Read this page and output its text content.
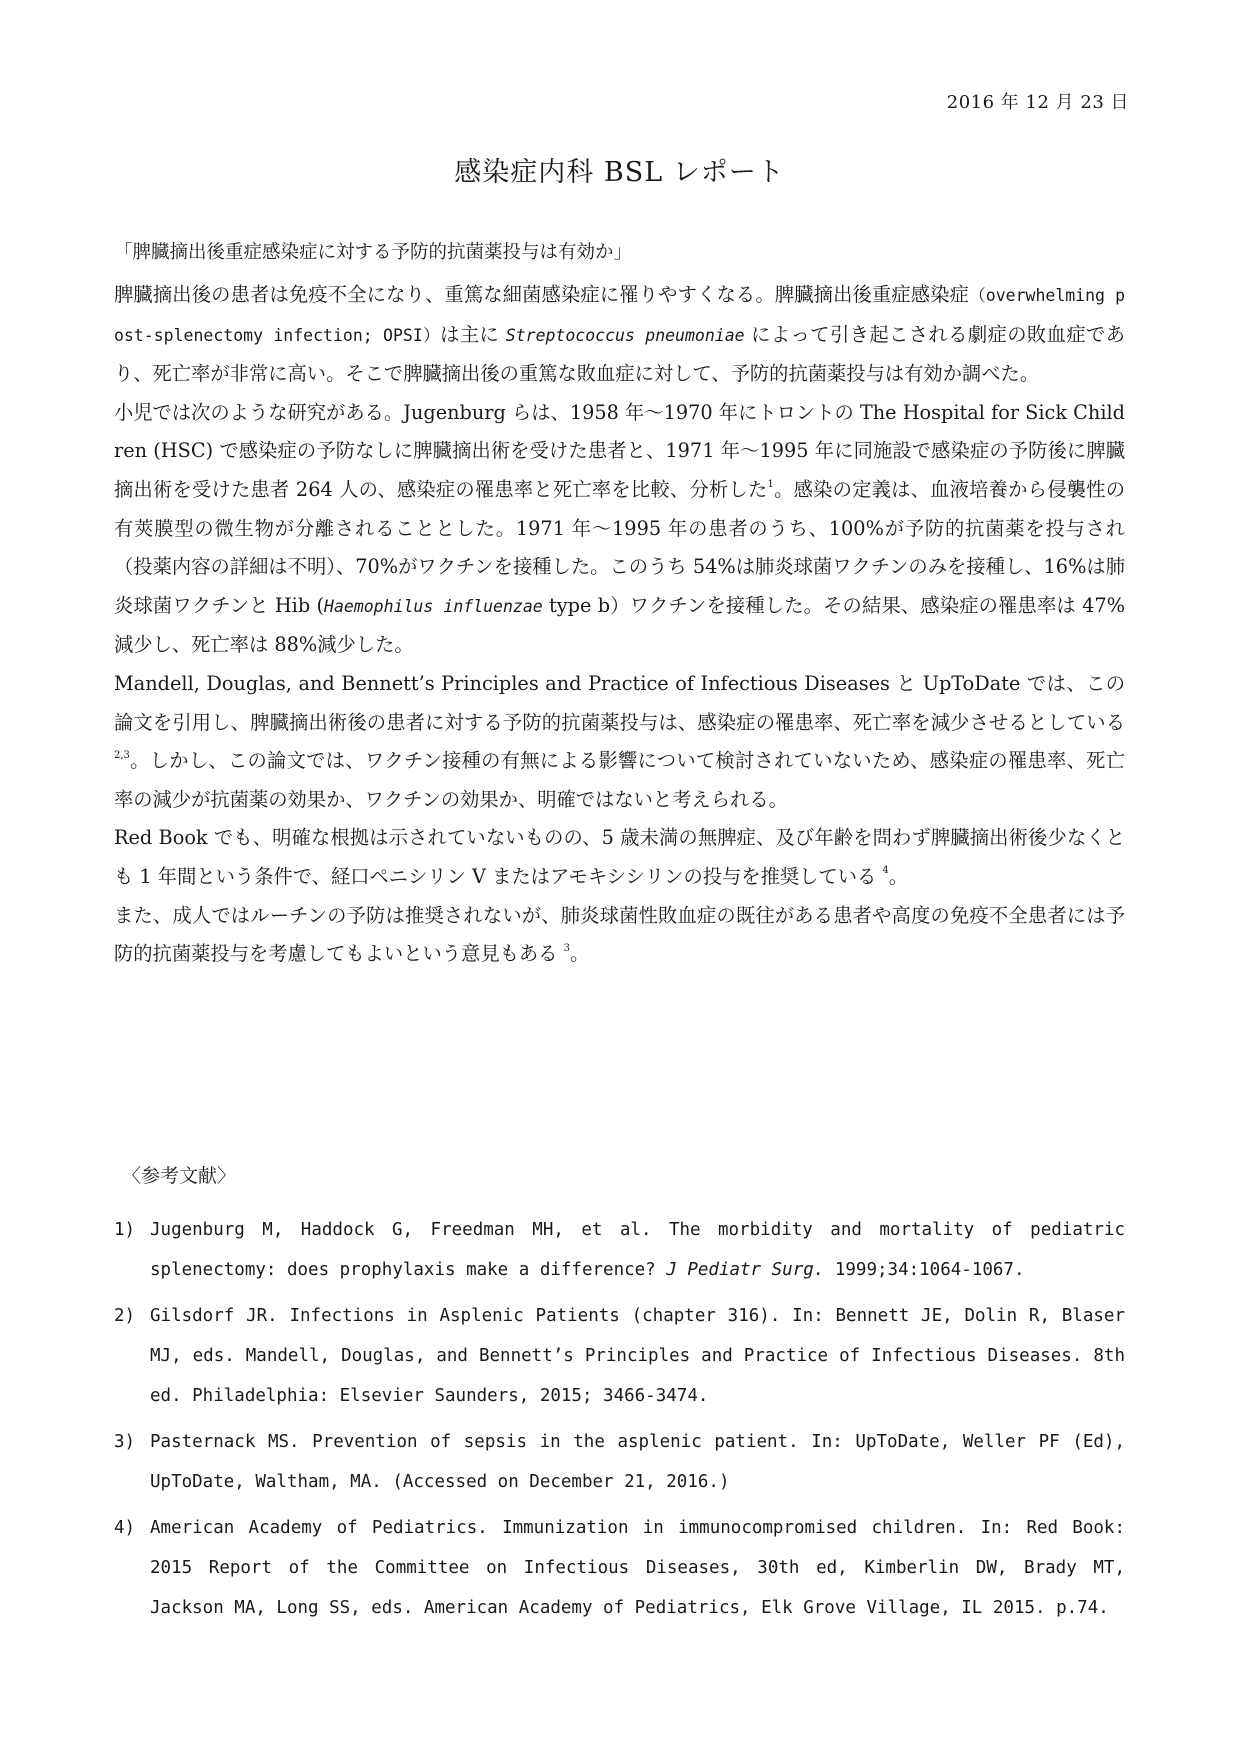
2016 年 12 月 23 日
感染症内科 BSL レポート

「脾臓摘出後重症感染症に対する予防的抗菌薬投与は有効か」

脾臓摘出後の患者は免疫不全になり、重篤な細菌感染症に罹りやすくなる。脾臓摘出後重症感染症（overwhelming post-splenectomy infection; OPSI）は主に Streptococcus pneumoniae によって引き起こされる劇症の敗血症であり、死亡率が非常に高い。そこで脾臓摘出後の重篤な敗血症に対して、予防的抗菌薬投与は有効か調べた。

小児では次のような研究がある。Jugenburg らは、1958 年〜1970 年にトロントの The Hospital for Sick Children (HSC) で感染症の予防なしに脾臓摘出術を受けた患者と、1971 年〜1995 年に同施設で感染症の予防後に脾臓摘出術を受けた患者 264 人の、感染症の罹患率と死亡率を比較、分析した$^1$。感染の定義は、血液培養から侵襲性の有莢膜型の微生物が分離されることとした。1971 年〜1995 年の患者のうち、100%が予防的抗菌薬を投与され（投薬内容の詳細は不明）、70%がワクチンを接種した。このうち 54%は肺炎球菌ワクチンのみを接種し、16%は肺炎球菌ワクチンと Hib (Haemophilus influenzae type b）ワクチンを接種した。その結果、感染症の罹患率は 47%減少し、死亡率は 88%減少した。

Mandell, Douglas, and Bennett’s Principles and Practice of Infectious Diseases と UpToDate では、この論文を引用し、脾臓摘出術後の患者に対する予防的抗菌薬投与は、感染症の罹患率、死亡率を減少させるとしている $^{2,3}$。しかし、この論文では、ワクチン接種の有無による影響について検討されていないため、感染症の罹患率、死亡率の減少が抗菌薬の効果か、ワクチンの効果か、明確ではないと考えられる。

Red Book でも、明確な根拠は示されていないものの、5 歳未満の無脾症、及び年齢を問わず脾臓摘出術後少なくとも 1 年間という条件で、経口ペニシリン V またはアモキシシリンの投与を推奨している $^4$。

また、成人ではルーチンの予防は推奨されないが、肺炎球菌性敗血症の既往がある患者や高度の免疫不全患者には予防的抗菌薬投与を考慮してもよいという意見もある $^3$。

〈参考文献〉

1) Jugenburg M, Haddock G, Freedman MH, et al. The morbidity and mortality of pediatric splenectomy: does prophylaxis make a difference? J Pediatr Surg. 1999;34:1064-1067.

2) Gilsdorf JR. Infections in Asplenic Patients (chapter 316). In: Bennett JE, Dolin R, Blaser MJ, eds. Mandell, Douglas, and Bennett’s Principles and Practice of Infectious Diseases. 8th ed. Philadelphia: Elsevier Saunders, 2015; 3466-3474.

3) Pasternack MS. Prevention of sepsis in the asplenic patient. In: UpToDate, Weller PF (Ed), UpToDate, Waltham, MA. (Accessed on December 21, 2016.)

4) American Academy of Pediatrics. Immunization in immunocompromised children. In: Red Book: 2015 Report of the Committee on Infectious Diseases, 30th ed, Kimberlin DW, Brady MT, Jackson MA, Long SS, eds. American Academy of Pediatrics, Elk Grove Village, IL 2015. p.74.
